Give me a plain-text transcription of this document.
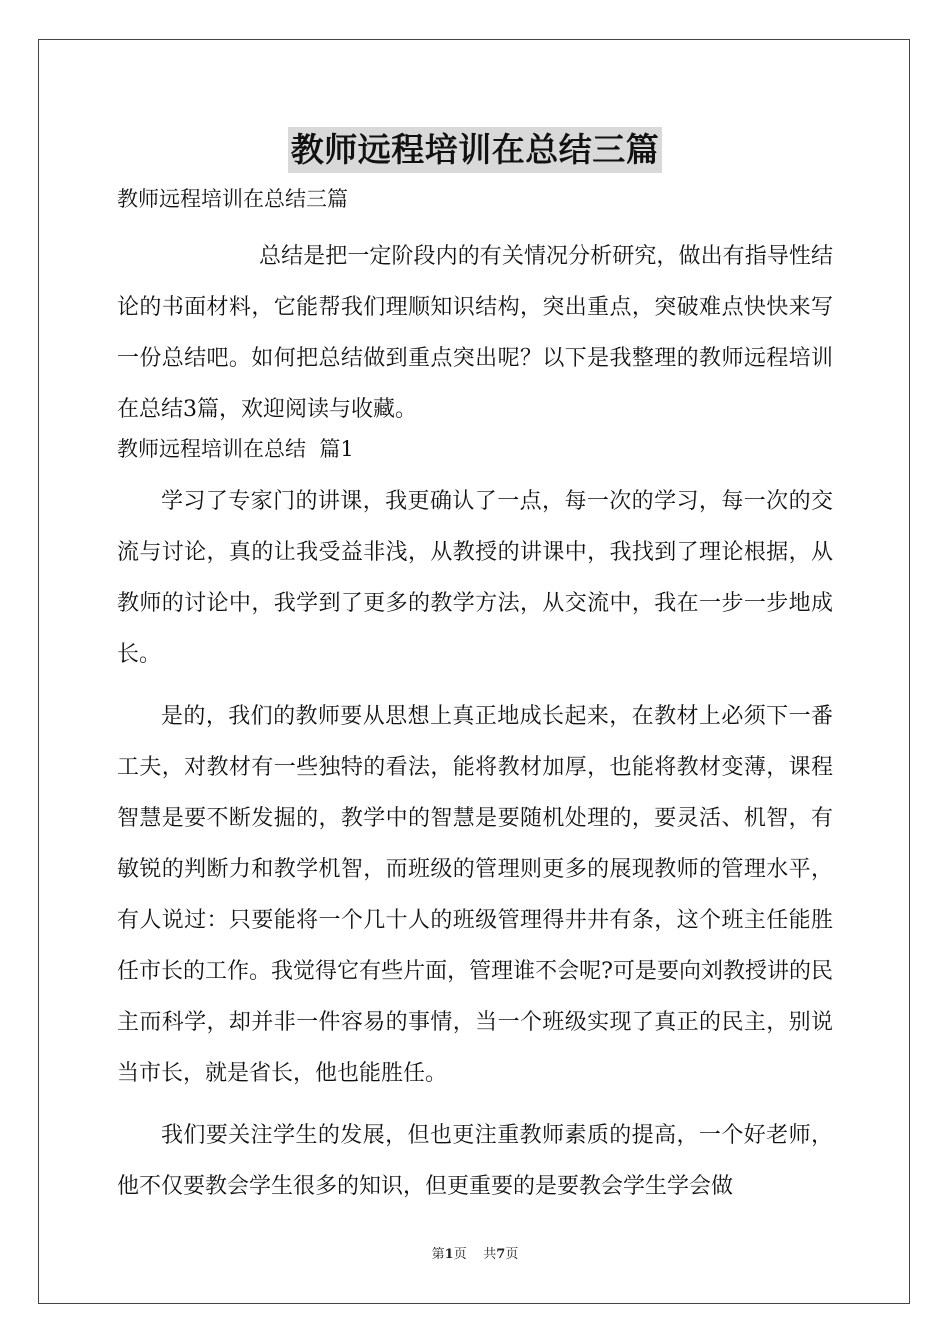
教师远程培训在总结三篇
教师远程培训在总结三篇
总结是把一定阶段内的有关情况分析研究，做出有指导性结论的书面材料，它能帮我们理顺知识结构，突出重点，突破难点快快来写一份总结吧。如何把总结做到重点突出呢？以下是我整理的教师远程培训在总结3篇，欢迎阅读与收藏。
教师远程培训在总结  篇1

学习了专家门的讲课，我更确认了一点，每一次的学习，每一次的交流与讨论，真的让我受益非浅，从教授的讲课中，我找到了理论根据，从教师的讨论中，我学到了更多的教学方法，从交流中，我在一步一步地成长。

是的，我们的教师要从思想上真正地成长起来，在教材上必须下一番工夫，对教材有一些独特的看法，能将教材加厚，也能将教材变薄，课程智慧是要不断发掘的，教学中的智慧是要随机处理的，要灵活、机智，有敏锐的判断力和教学机智，而班级的管理则更多的展现教师的管理水平，有人说过：只要能将一个几十人的班级管理得井井有条，这个班主任能胜任市长的工作。我觉得它有些片面，管理谁不会呢?可是要向刘教授讲的民主而科学，却并非一件容易的事情，当一个班级实现了真正的民主，别说当市长，就是省长，他也能胜任。

我们要关注学生的发展，但也更注重教师素质的提高，一个好老师，他不仅要教会学生很多的知识，但更重要的是要教会学生学会做

第1页 共7页
